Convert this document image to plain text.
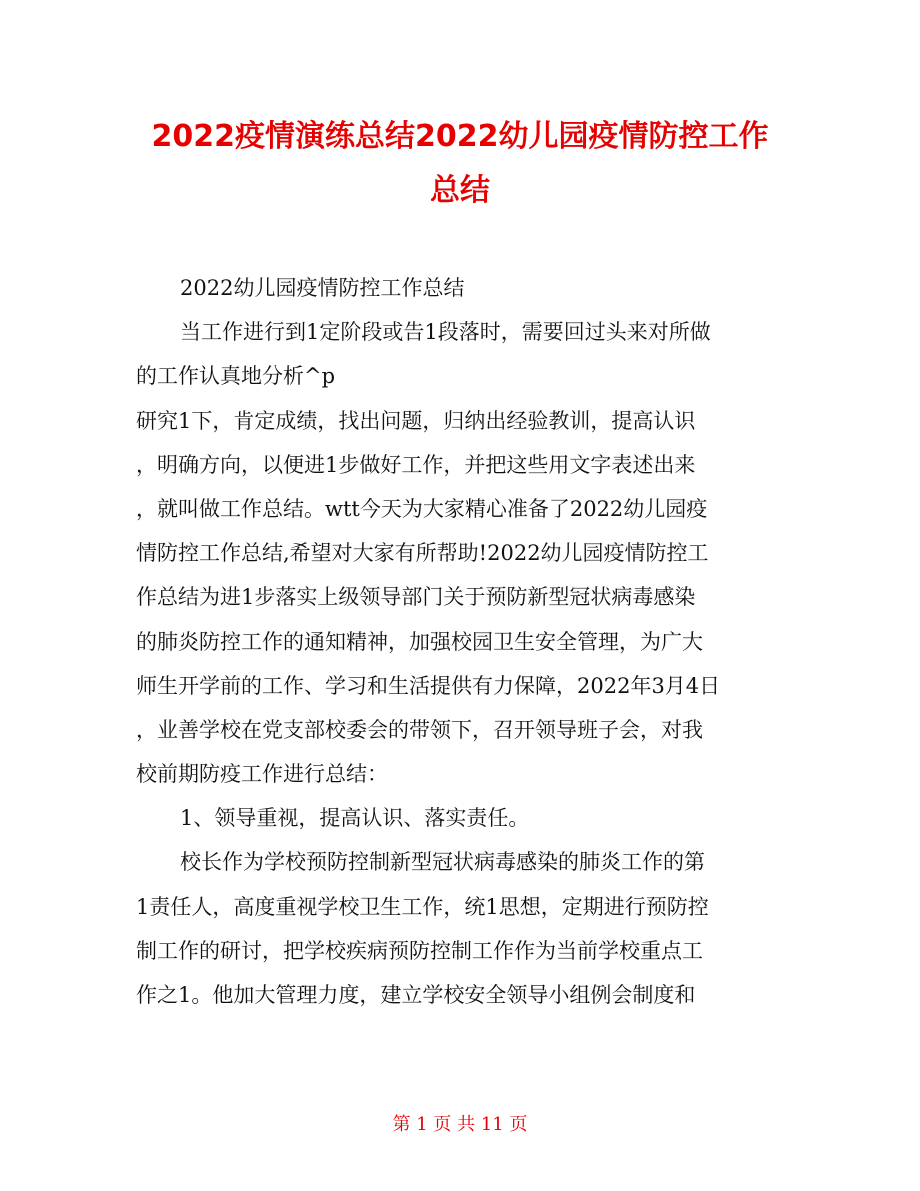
2022疫情演练总结2022幼儿园疫情防控工作
总结
2022幼儿园疫情防控工作总结
当工作进行到1定阶段或告1段落时，需要回过头来对所做
的工作认真地分析^p
研究1下，肯定成绩，找出问题，归纳出经验教训，提高认识
，明确方向，以便进1步做好工作，并把这些用文字表述出来
，就叫做工作总结。wtt今天为大家精心准备了2022幼儿园疫
情防控工作总结,希望对大家有所帮助!2022幼儿园疫情防控工
作总结为进1步落实上级领导部门关于预防新型冠状病毒感染
的肺炎防控工作的通知精神，加强校园卫生安全管理，为广大
师生开学前的工作、学习和生活提供有力保障，2022年3月4日
，业善学校在党支部校委会的带领下，召开领导班子会，对我
校前期防疫工作进行总结：
1、领导重视，提高认识、落实责任。
校长作为学校预防控制新型冠状病毒感染的肺炎工作的第
1责任人，高度重视学校卫生工作，统1思想，定期进行预防控
制工作的研讨，把学校疾病预防控制工作作为当前学校重点工
作之1。他加大管理力度，建立学校安全领导小组例会制度和
第 1 页 共 11 页
